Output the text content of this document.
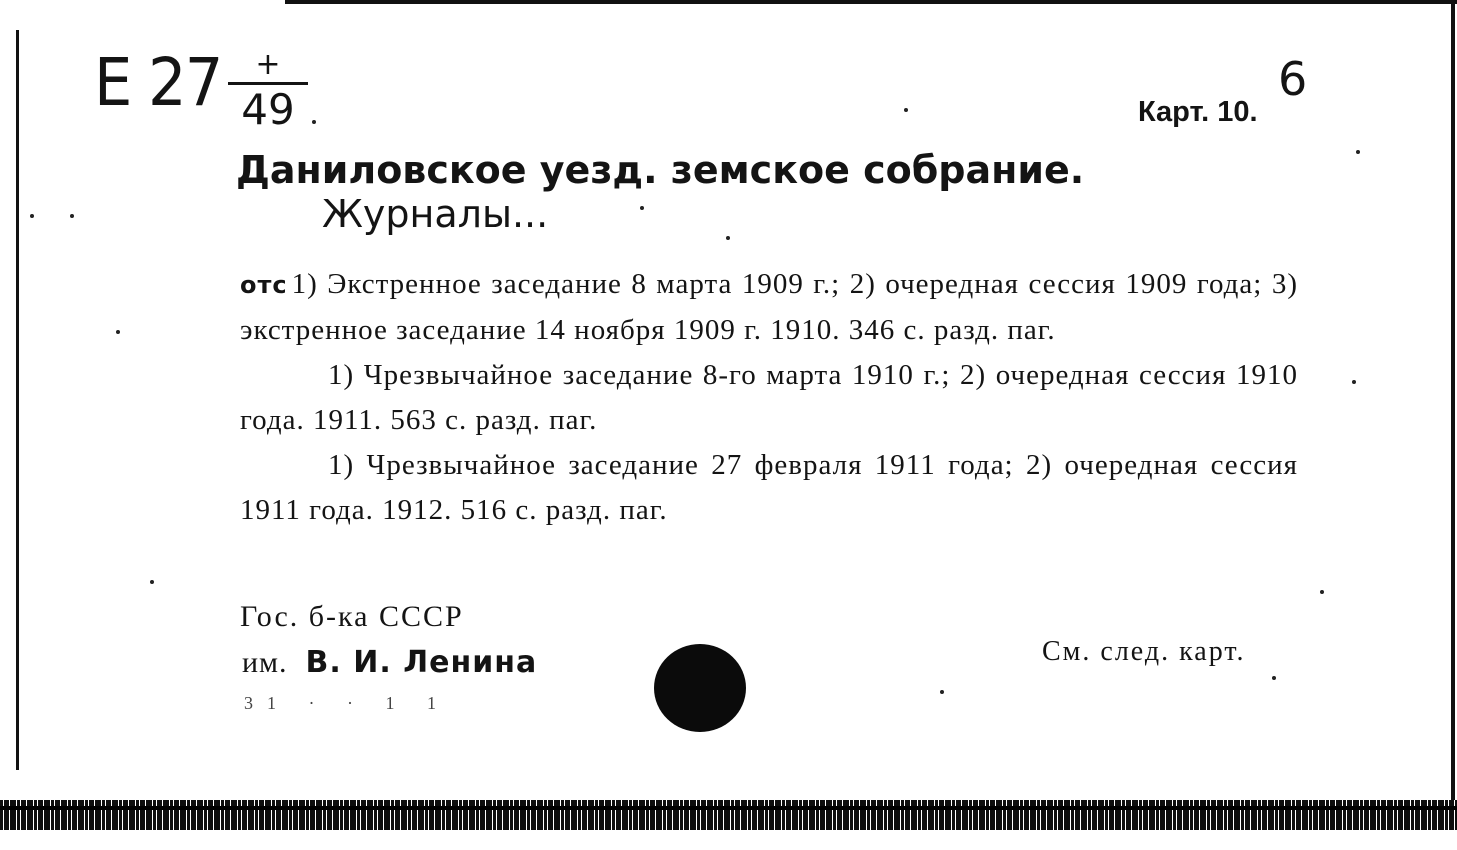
Е 27	+
49	Карт. 10.
6
Даниловское уезд. земское собрание.
Журналы...

отс 1) Экстренное заседание 8 марта 1909 г.; 2) очередная сессия 1909 года; 3) экстренное заседание 14 ноября 1909 г. 1910. 346 с. разд. паг.

1) Чрезвычайное заседание 8-го марта 1910 г.; 2) очередная сессия 1910 года. 1911. 563 с. разд. паг.

1) Чрезвычайное заседание 27 февраля 1911 года; 2) очередная сессия 1911 года. 1912. 516 с. разд. паг.

Гос. б-ка СССР
им. В. И. Ленина
31 · · 1 1
См. след. карт.
